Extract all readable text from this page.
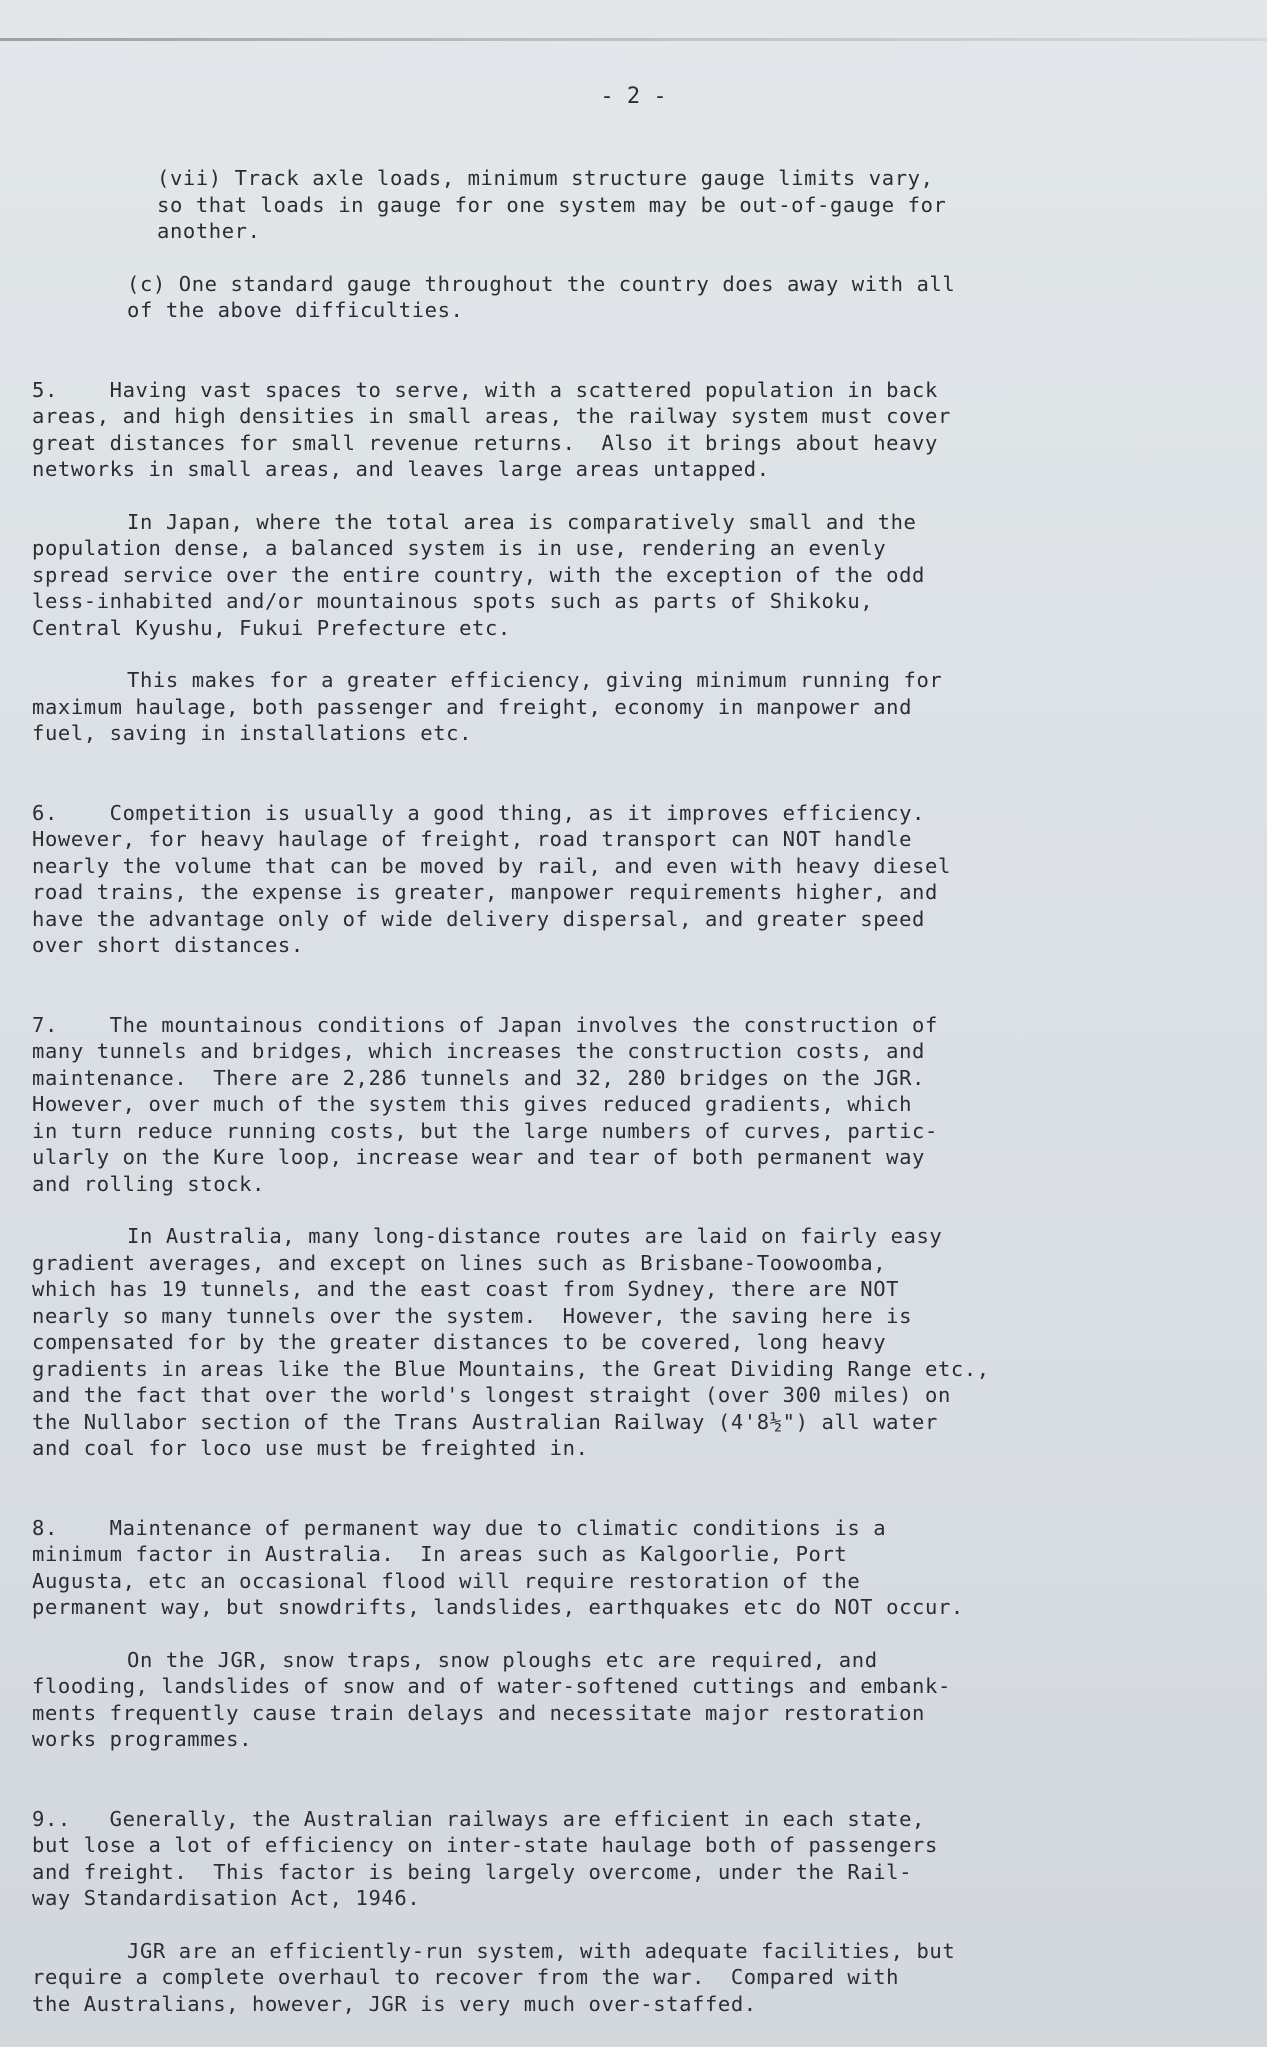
- 2 -

(vii) Track axle loads, minimum structure gauge limits vary,
so that loads in gauge for one system may be out-of-gauge for
another.

(c) One standard gauge throughout the country does away with all
of the above difficulties.

5.    Having vast spaces to serve, with a scattered population in back
areas, and high densities in small areas, the railway system must cover
great distances for small revenue returns.  Also it brings about heavy
networks in small areas, and leaves large areas untapped.

In Japan, where the total area is comparatively small and the
population dense, a balanced system is in use, rendering an evenly
spread service over the entire country, with the exception of the odd
less-inhabited and/or mountainous spots such as parts of Shikoku,
Central Kyushu, Fukui Prefecture etc.

This makes for a greater efficiency, giving minimum running for
maximum haulage, both passenger and freight, economy in manpower and
fuel, saving in installations etc.

6.    Competition is usually a good thing, as it improves efficiency.
However, for heavy haulage of freight, road transport can NOT handle
nearly the volume that can be moved by rail, and even with heavy diesel
road trains, the expense is greater, manpower requirements higher, and
have the advantage only of wide delivery dispersal, and greater speed
over short distances.

7.    The mountainous conditions of Japan involves the construction of
many tunnels and bridges, which increases the construction costs, and
maintenance.  There are 2,286 tunnels and 32, 280 bridges on the JGR.
However, over much of the system this gives reduced gradients, which
in turn reduce running costs, but the large numbers of curves, partic-
ularly on the Kure loop, increase wear and tear of both permanent way
and rolling stock.

In Australia, many long-distance routes are laid on fairly easy
gradient averages, and except on lines such as Brisbane-Toowoomba,
which has 19 tunnels, and the east coast from Sydney, there are NOT
nearly so many tunnels over the system.  However, the saving here is
compensated for by the greater distances to be covered, long heavy
gradients in areas like the Blue Mountains, the Great Dividing Range etc.,
and the fact that over the world's longest straight (over 300 miles) on
the Nullabor section of the Trans Australian Railway (4'8½") all water
and coal for loco use must be freighted in.

8.    Maintenance of permanent way due to climatic conditions is a
minimum factor in Australia.  In areas such as Kalgoorlie, Port
Augusta, etc an occasional flood will require restoration of the
permanent way, but snowdrifts, landslides, earthquakes etc do NOT occur.

On the JGR, snow traps, snow ploughs etc are required, and
flooding, landslides of snow and of water-softened cuttings and embank-
ments frequently cause train delays and necessitate major restoration
works programmes.

9..   Generally, the Australian railways are efficient in each state,
but lose a lot of efficiency on inter-state haulage both of passengers
and freight.  This factor is being largely overcome, under the Rail-
way Standardisation Act, 1946.

JGR are an efficiently-run system, with adequate facilities, but
require a complete overhaul to recover from the war.  Compared with
the Australians, however, JGR is very much over-staffed.
